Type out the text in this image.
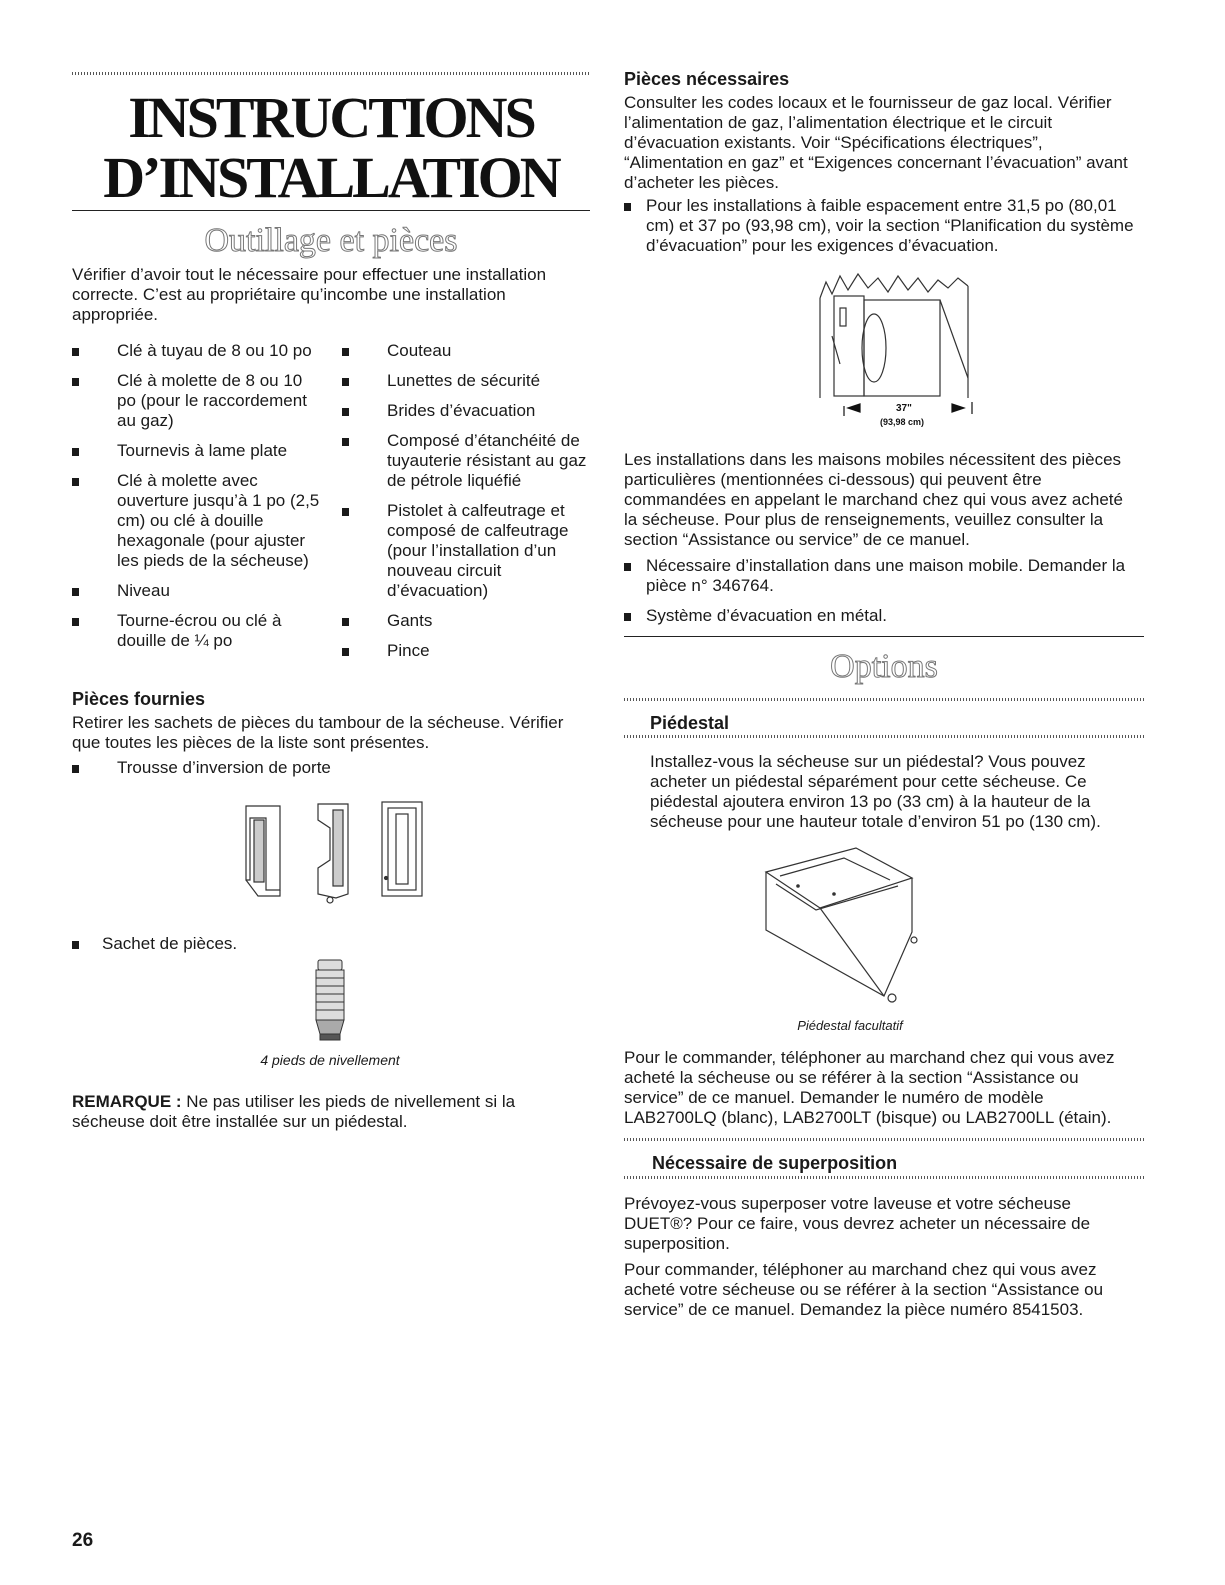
INSTRUCTIONS
D’INSTALLATION
Outillage et pièces
Vérifier d’avoir tout le nécessaire pour effectuer une installation correcte. C’est au propriétaire qu’incombe une installation appropriée.
Clé à tuyau de 8 ou 10 po
Clé à molette de 8 ou 10 po (pour le raccordement au gaz)
Tournevis à lame plate
Clé à molette avec ouverture jusqu’à 1 po (2,5 cm) ou clé à douille hexagonale (pour ajuster les pieds de la sécheuse)
Niveau
Tourne-écrou ou clé à douille de ¼ po
Couteau
Lunettes de sécurité
Brides d’évacuation
Composé d’étanchéité de tuyauterie résistant au gaz de pétrole liquéfié
Pistolet à calfeutrage et composé de calfeutrage (pour l’installation d’un nouveau circuit d’évacuation)
Gants
Pince
Pièces fournies
Retirer les sachets de pièces du tambour de la sécheuse. Vérifier que toutes les pièces de la liste sont présentes.
Trousse d’inversion de porte
Sachet de pièces.
4 pieds de nivellement
REMARQUE : Ne pas utiliser les pieds de nivellement si la sécheuse doit être installée sur un piédestal.
26
Pièces nécessaires
Consulter les codes locaux et le fournisseur de gaz local. Vérifier l’alimentation de gaz, l’alimentation électrique et le circuit d’évacuation existants. Voir “Spécifications électriques”, “Alimentation en gaz” et “Exigences concernant l’évacuation” avant d’acheter les pièces.
Pour les installations à faible espacement entre 31,5 po (80,01 cm) et 37 po (93,98 cm), voir la section “Planification du système d’évacuation” pour les exigences d’évacuation.
37"
(93,98 cm)
Les installations dans les maisons mobiles nécessitent des pièces particulières (mentionnées ci-dessous) qui peuvent être commandées en appelant le marchand chez qui vous avez acheté la sécheuse. Pour plus de renseignements, veuillez consulter la section “Assistance ou service” de ce manuel.
Nécessaire d’installation dans une maison mobile. Demander la pièce n° 346764.
Système d’évacuation en métal.
Options
Piédestal
Installez-vous la sécheuse sur un piédestal? Vous pouvez acheter un piédestal séparément pour cette sécheuse. Ce piédestal ajoutera environ 13 po (33 cm) à la hauteur de la sécheuse pour une hauteur totale d’environ 51 po (130 cm).
Piédestal facultatif
Pour le commander, téléphoner au marchand chez qui vous avez acheté la sécheuse ou se référer à la section “Assistance ou service” de ce manuel. Demander le numéro de modèle LAB2700LQ (blanc), LAB2700LT (bisque) ou LAB2700LL (étain).
Nécessaire de superposition
Prévoyez-vous superposer votre laveuse et votre sécheuse DUET®? Pour ce faire, vous devrez acheter un nécessaire de superposition.
Pour commander, téléphoner au marchand chez qui vous avez acheté votre sécheuse ou se référer à la section “Assistance ou service” de ce manuel. Demandez la pièce numéro 8541503.
